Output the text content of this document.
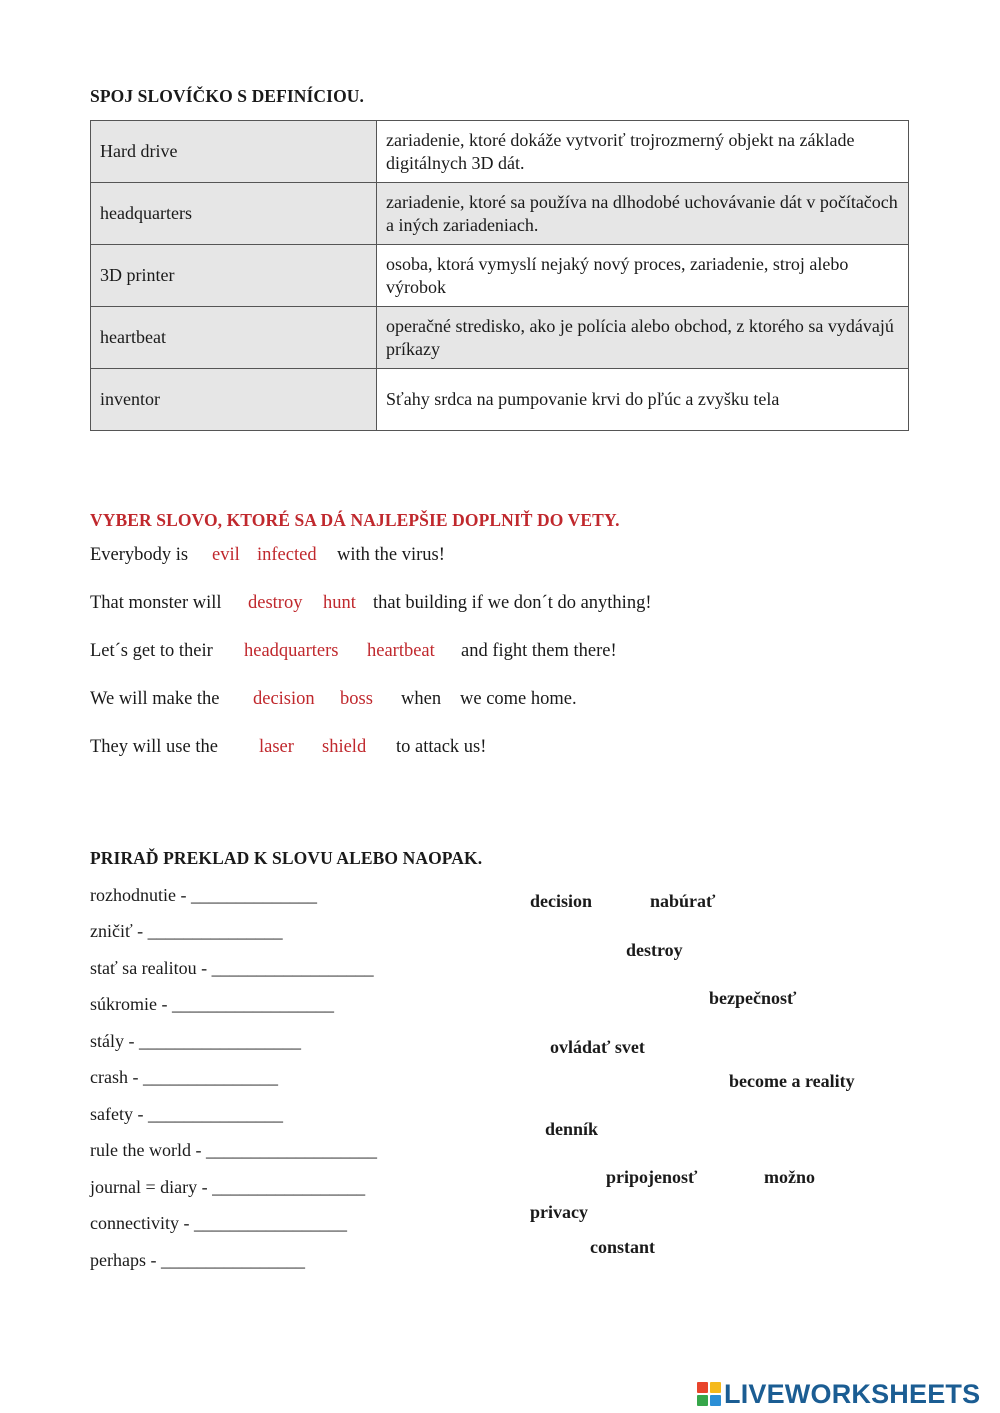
SPOJ SLOVÍČKO S DEFINÍCIOU.
Hard drive	zariadenie, ktoré dokáže vytvoriť trojrozmerný objekt na základe digitálnych 3D dát.
headquarters	zariadenie, ktoré sa používa na dlhodobé uchovávanie dát v počítačoch a iných zariadeniach.
3D printer	osoba, ktorá vymyslí nejaký nový proces, zariadenie, stroj alebo výrobok
heartbeat	operačné stredisko, ako je polícia alebo obchod, z ktorého sa vydávajú príkazy
inventor	Sťahy srdca na pumpovanie krvi do pľúc a zvyšku tela
VYBER SLOVO, KTORÉ SA DÁ NAJLEPŠIE DOPLNIŤ DO VETY.
Everybody is evil infected with the virus!
That monster will destroy hunt that building if we don´t do anything!
Let´s get to their headquarters heartbeat and fight them there!
We will make the decision boss when we come home.
They will use the laser shield to attack us!
PRIRAĎ PREKLAD K SLOVU ALEBO NAOPAK.
rozhodnutie - ______________
zničiť - _______________
stať sa realitou - __________________
súkromie - __________________
stály - __________________
crash - _______________
safety - _______________
rule the world - ___________________
journal = diary - _________________
connectivity - _________________
perhaps - ________________
decision	nabúrať
destroy
bezpečnosť
ovládať svet
become a reality
denník
pripojenosť	možno
privacy
constant
LIVEWORKSHEETS
